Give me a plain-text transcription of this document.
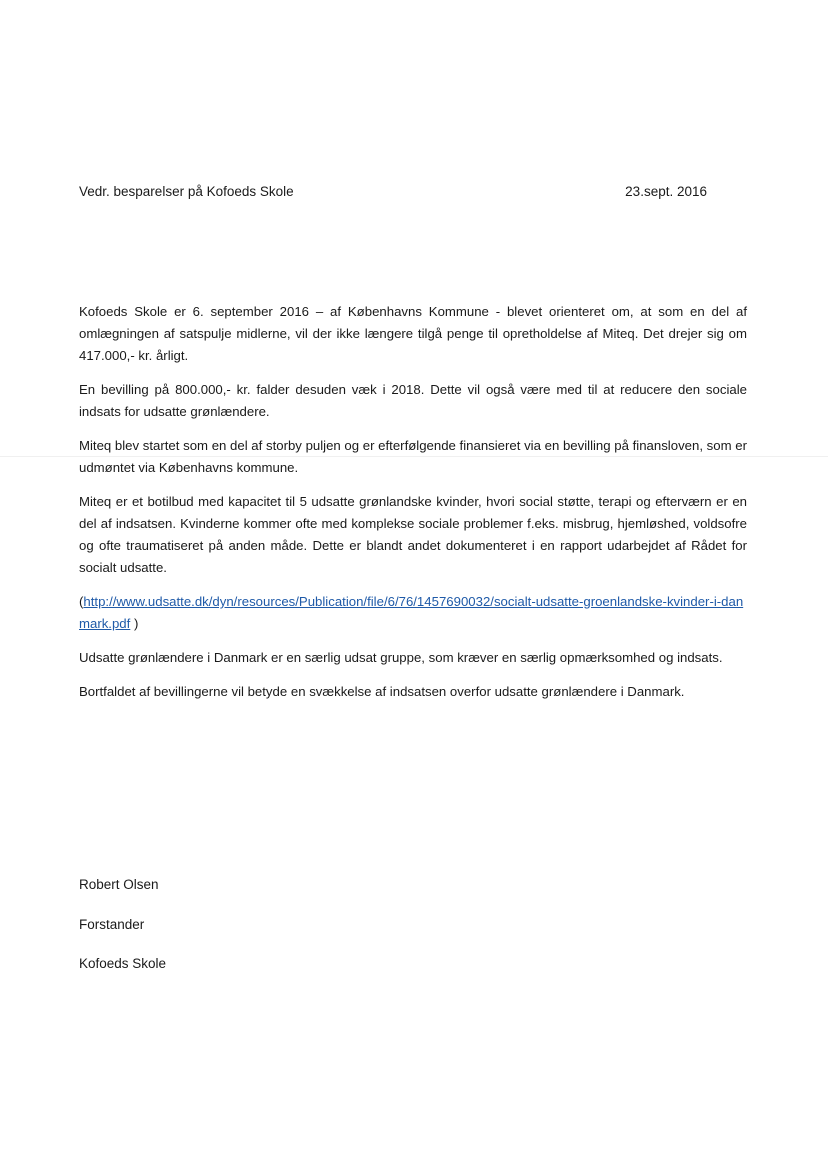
Vedr. besparelser på Kofoeds Skole	23.sept. 2016

Kofoeds Skole er 6. september 2016 – af Københavns Kommune - blevet orienteret om, at som en del af omlægningen af satspulje midlerne, vil der ikke længere tilgå penge til opretholdelse af Miteq. Det drejer sig om 417.000,- kr. årligt.

En bevilling på 800.000,- kr. falder desuden væk i 2018. Dette vil også være med til at reducere den sociale indsats for udsatte grønlændere.

Miteq blev startet som en del af storby puljen og er efterfølgende finansieret via en bevilling på finansloven, som er udmøntet via Københavns kommune.

Miteq er et botilbud med kapacitet til 5 udsatte grønlandske kvinder, hvori social støtte, terapi og efterværn er en del af indsatsen. Kvinderne kommer ofte med komplekse sociale problemer f.eks. misbrug, hjemløshed, voldsofre og ofte traumatiseret på anden måde. Dette er blandt andet dokumenteret i en rapport udarbejdet af Rådet for socialt udsatte.

(http://www.udsatte.dk/dyn/resources/Publication/file/6/76/1457690032/socialt-udsatte-groenlandske-kvinder-i-danmark.pdf )

Udsatte grønlændere i Danmark er en særlig udsat gruppe, som kræver en særlig opmærksomhed og indsats.

Bortfaldet af bevillingerne vil betyde en svækkelse af indsatsen overfor udsatte grønlændere i Danmark.

Robert Olsen
Forstander
Kofoeds Skole
